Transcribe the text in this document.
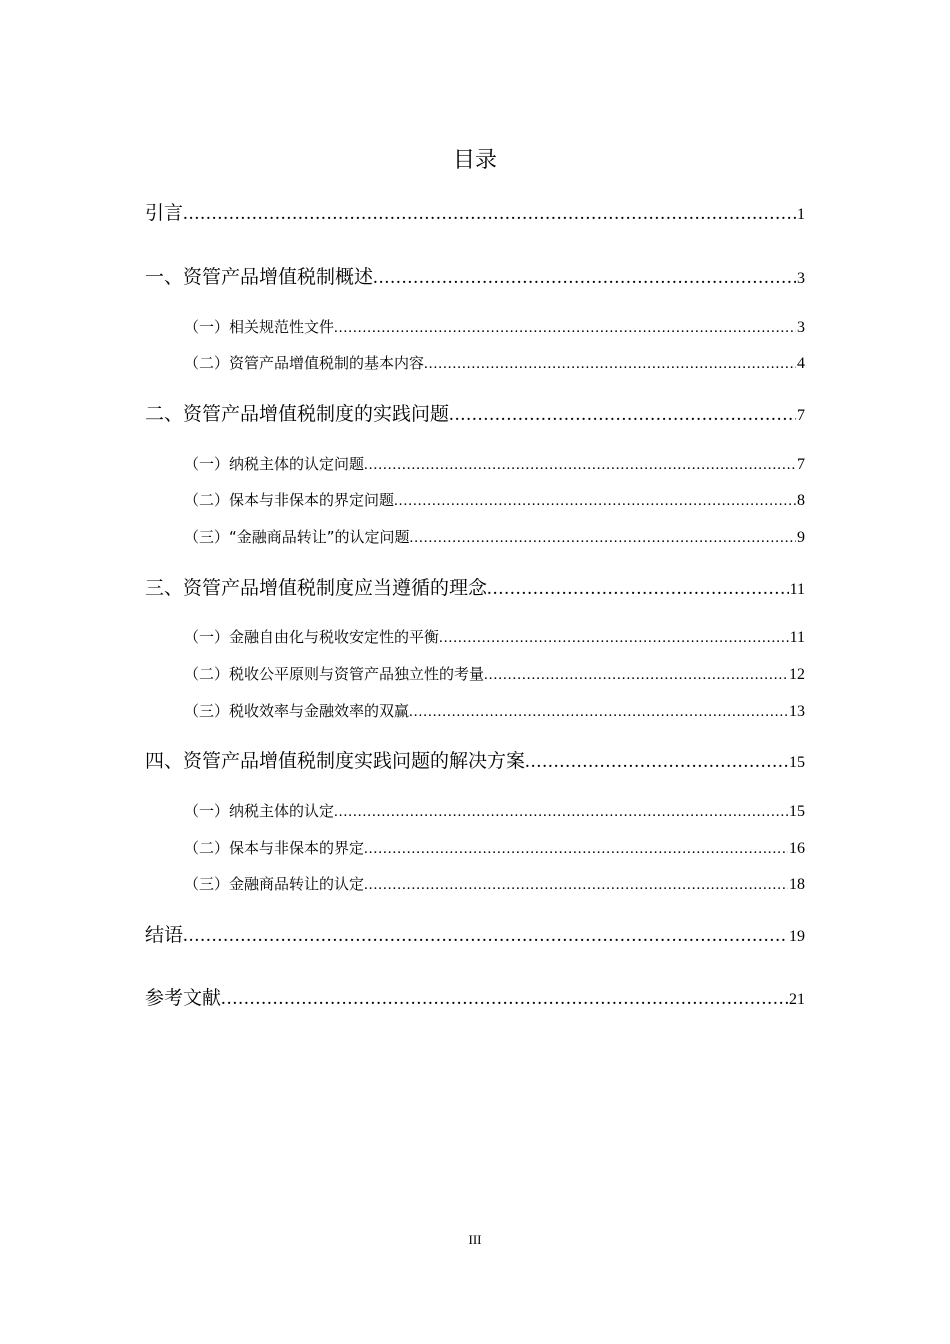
目录
引言 .....	1
一、资管产品增值税制概述 .....	3
（一）相关规范性文件 .....	3
（二）资管产品增值税制的基本内容 .....	4
二、资管产品增值税制度的实践问题 .....	7
（一）纳税主体的认定问题 .....	7
（二）保本与非保本的界定问题 .....	8
（三）“金融商品转让”的认定问题 .....	9
三、资管产品增值税制度应当遵循的理念 .....	11
（一）金融自由化与税收安定性的平衡 .....	11
（二）税收公平原则与资管产品独立性的考量 .....	12
（三）税收效率与金融效率的双赢 .....	13
四、资管产品增值税制度实践问题的解决方案 .....	15
（一）纳税主体的认定 .....	15
（二）保本与非保本的界定 .....	16
（三）金融商品转让的认定 .....	18
结语 .....	19
参考文献 .....	21
III
